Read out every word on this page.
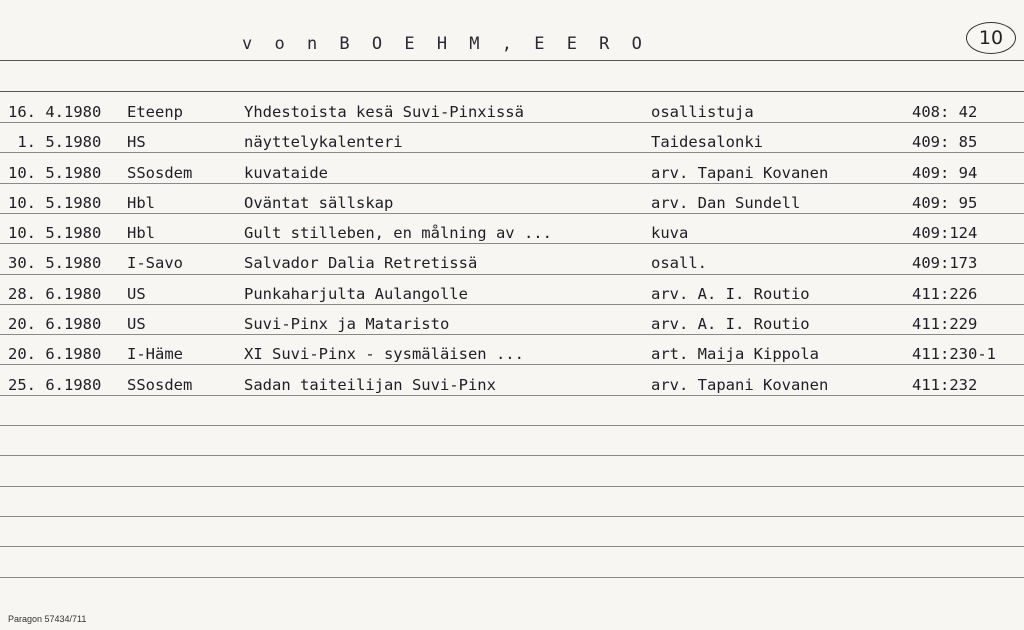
v o n B O E H M , E E R O	10
16. 4.1980 Eteenp	Yhdestoista kesä Suvi-Pinxissä	osallistuja	408: 42
1. 5.1980 HS	näyttelykalenteri	Taidesalonki	409: 85
10. 5.1980 SSosdem	kuvataide	arv. Tapani Kovanen	409: 94
10. 5.1980 Hbl	Oväntat sällskap	arv. Dan Sundell	409: 95
10. 5.1980 Hbl	Gult stilleben, en målning av ...	kuva	409:124
30. 5.1980 I-Savo	Salvador Dalia Retretissä	osall.	409:173
28. 6.1980 US	Punkaharjulta Aulangolle	arv. A. I. Routio	411:226
20. 6.1980 US	Suvi-Pinx ja Mataristo	arv. A. I. Routio	411:229
20. 6.1980 I-Häme	XI Suvi-Pinx - sysmäläisen ...	art. Maija Kippola	411:230-1
25. 6.1980 SSosdem	Sadan taiteilijan Suvi-Pinx	arv. Tapani Kovanen	411:232
Paragon 57434/711
